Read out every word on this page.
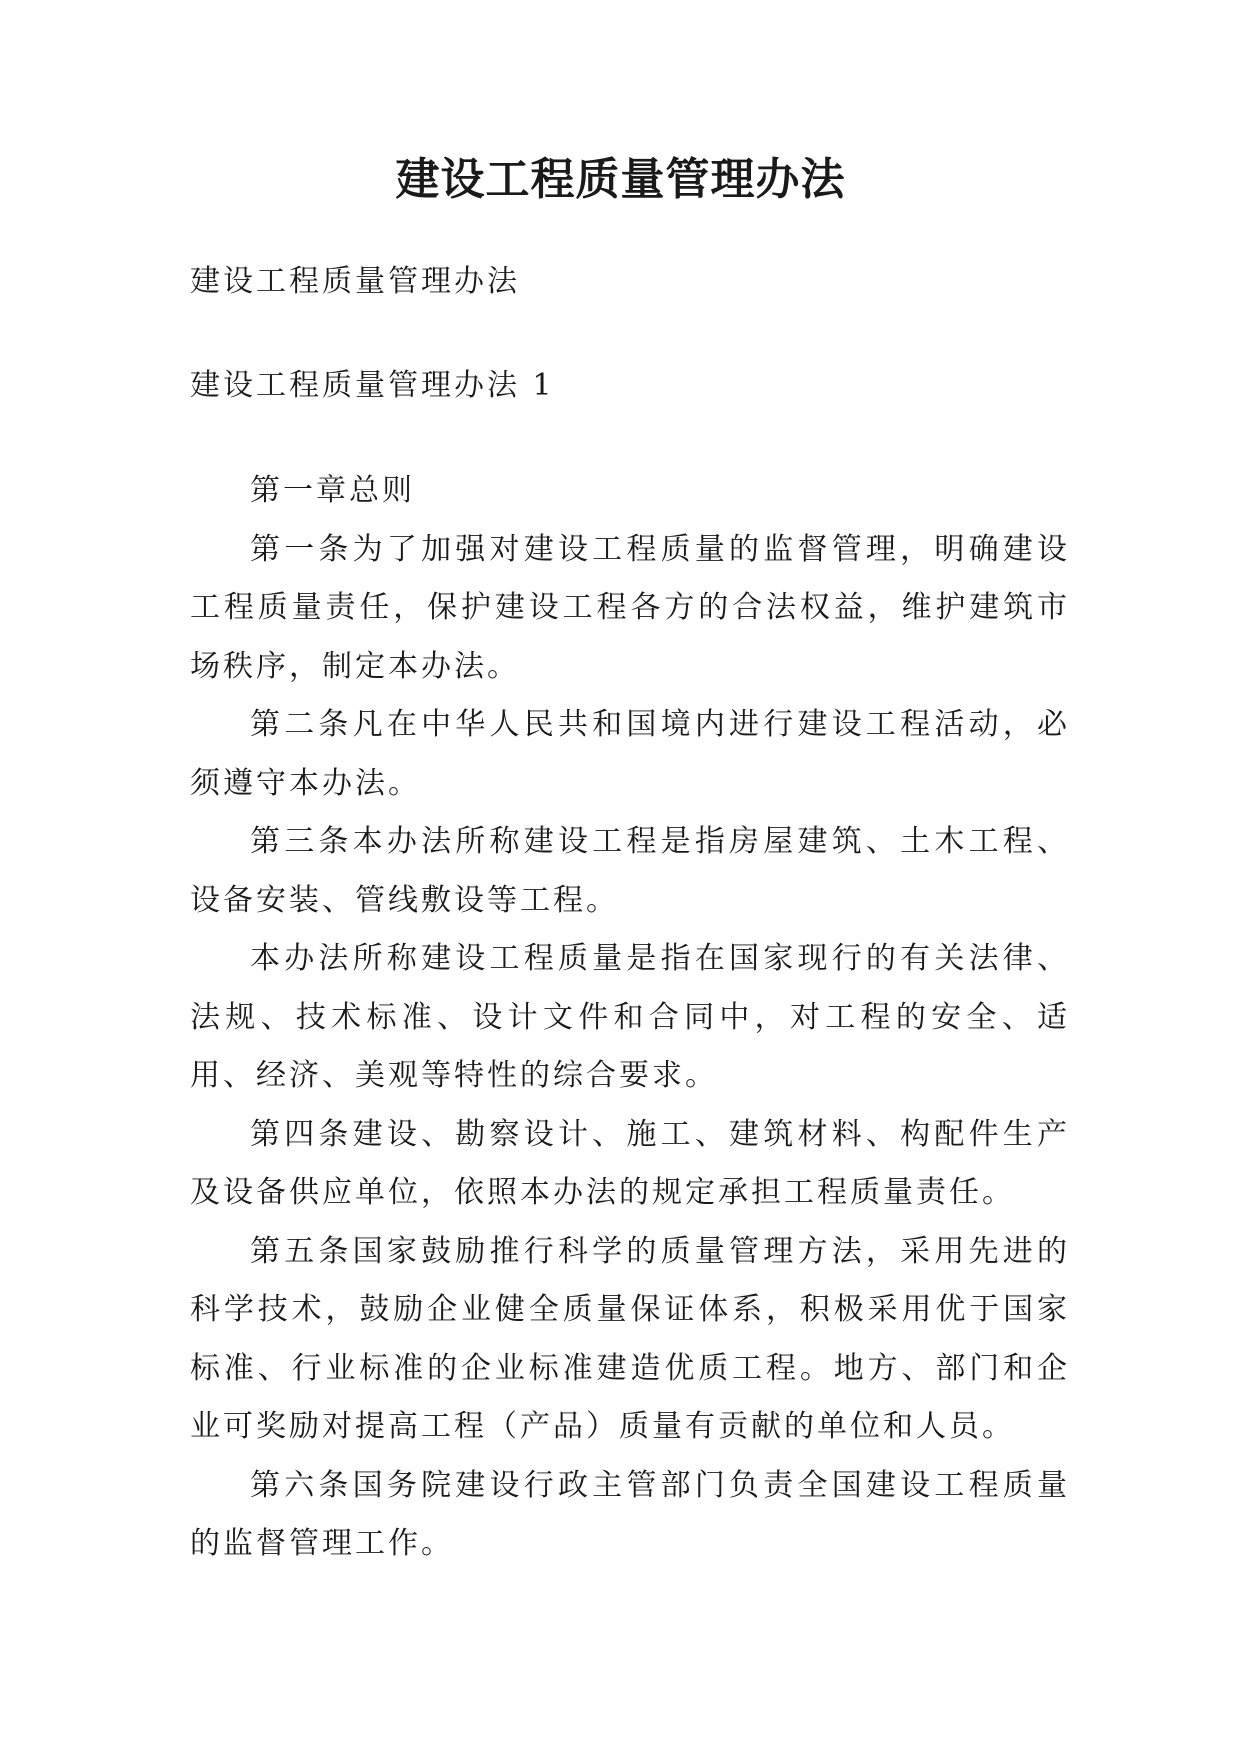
建设工程质量管理办法

建设工程质量管理办法

建设工程质量管理办法 1

第一章总则

第一条为了加强对建设工程质量的监督管理，明确建设工程质量责任，保护建设工程各方的合法权益，维护建筑市场秩序，制定本办法。

第二条凡在中华人民共和国境内进行建设工程活动，必须遵守本办法。

第三条本办法所称建设工程是指房屋建筑、土木工程、设备安装、管线敷设等工程。

本办法所称建设工程质量是指在国家现行的有关法律、法规、技术标准、设计文件和合同中，对工程的安全、适用、经济、美观等特性的综合要求。

第四条建设、勘察设计、施工、建筑材料、构配件生产及设备供应单位，依照本办法的规定承担工程质量责任。

第五条国家鼓励推行科学的质量管理方法，采用先进的科学技术，鼓励企业健全质量保证体系，积极采用优于国家标准、行业标准的企业标准建造优质工程。地方、部门和企业可奖励对提高工程（产品）质量有贡献的单位和人员。

第六条国务院建设行政主管部门负责全国建设工程质量的监督管理工作。
